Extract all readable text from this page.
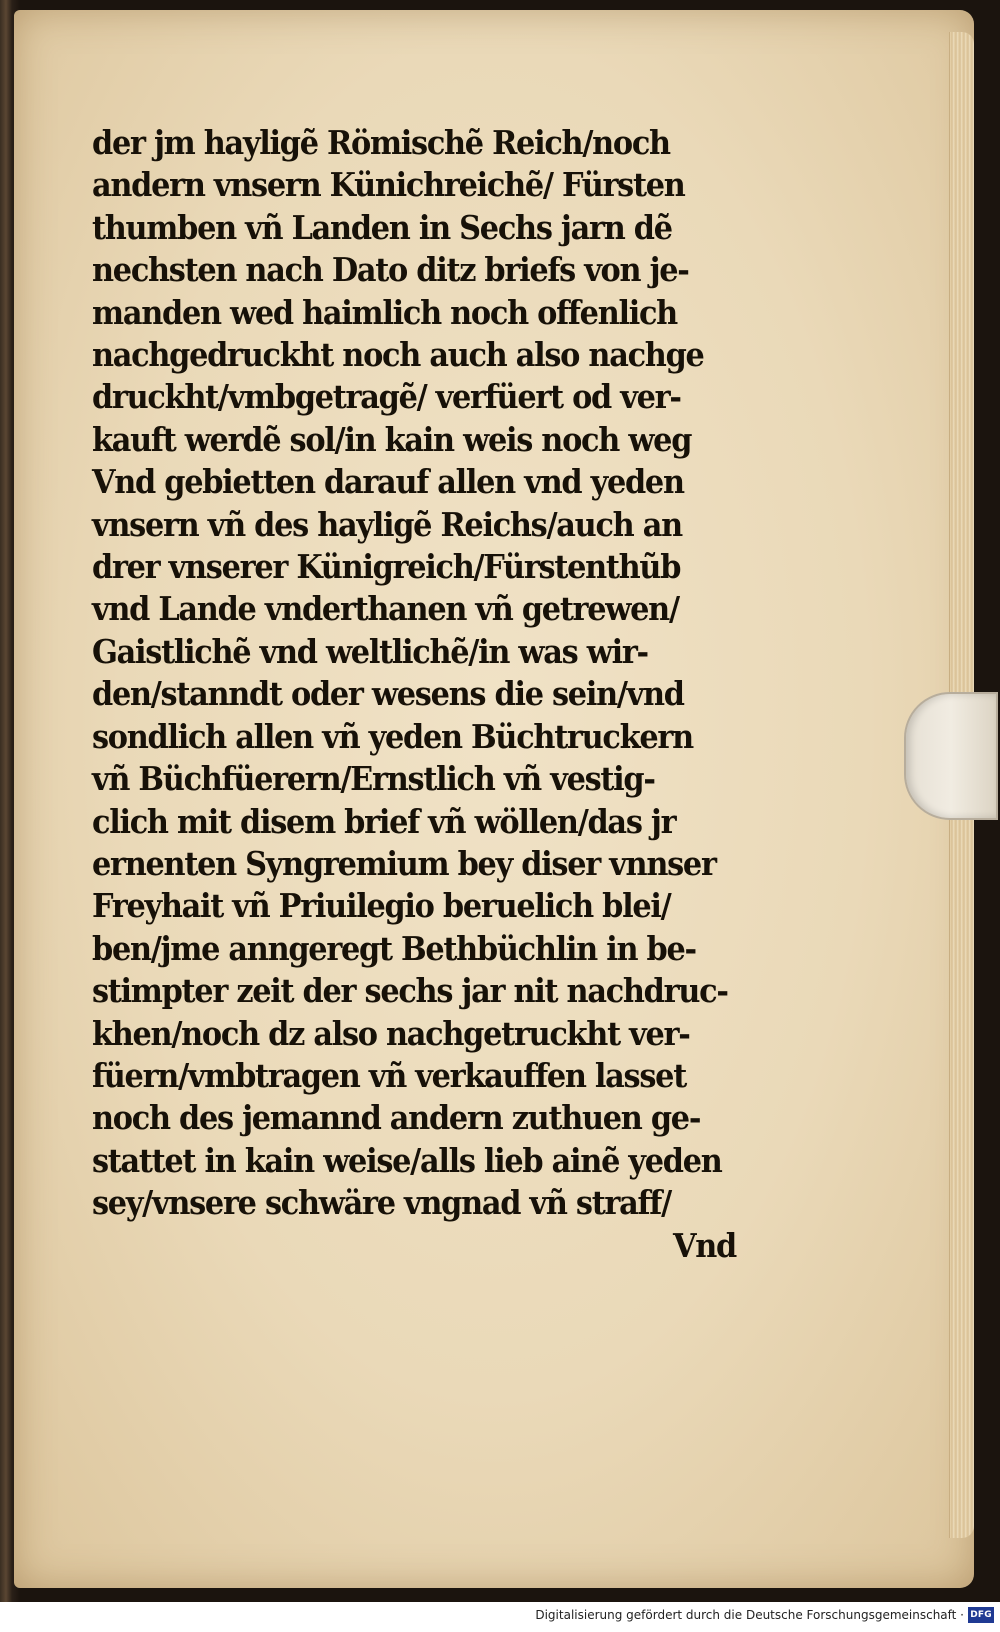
der jm hayligẽ Römischẽ Reich/noch
andern vnsern Künichreichẽ/ Fürsten
thumben vñ Landen in Sechs jarn dẽ
nechsten nach Dato ditz briefs von je-
manden wed haimlich noch offenlich
nachgedruckht noch auch also nachge
druckht/vmbgetragẽ/ verfüert od ver-
kauft werdẽ sol/in kain weis noch weg
Vnd gebietten darauf allen vnd yeden
vnsern vñ des hayligẽ Reichs/auch an
drer vnserer Künigreich/Fürstenthũb
vnd Lande vnderthanen vñ getrewen/
Gaistlichẽ vnd weltlichẽ/in was wir-
den/stanndt oder wesens die sein/vnd
sondlich allen vñ yeden Büchtruckern
vñ Büchfüerern/Ernstlich vñ vestig-
clich mit disem brief vñ wöllen/das jr
ernenten Syngremium bey diser vnnser
Freyhait vñ Priuilegio beruelich blei/
ben/jme anngeregt Bethbüchlin in be-
stimpter zeit der sechs jar nit nachdruc-
khen/noch dz also nachgetruckht ver-
füern/vmbtragen vñ verkauffen lasset
noch des jemannd andern zuthuen ge-
stattet in kain weise/alls lieb ainẽ yeden
sey/vnsere schwäre vngnad vñ straff/
Vnd
Digitalisierung gefördert durch die Deutsche Forschungsgemeinschaft · DFG
